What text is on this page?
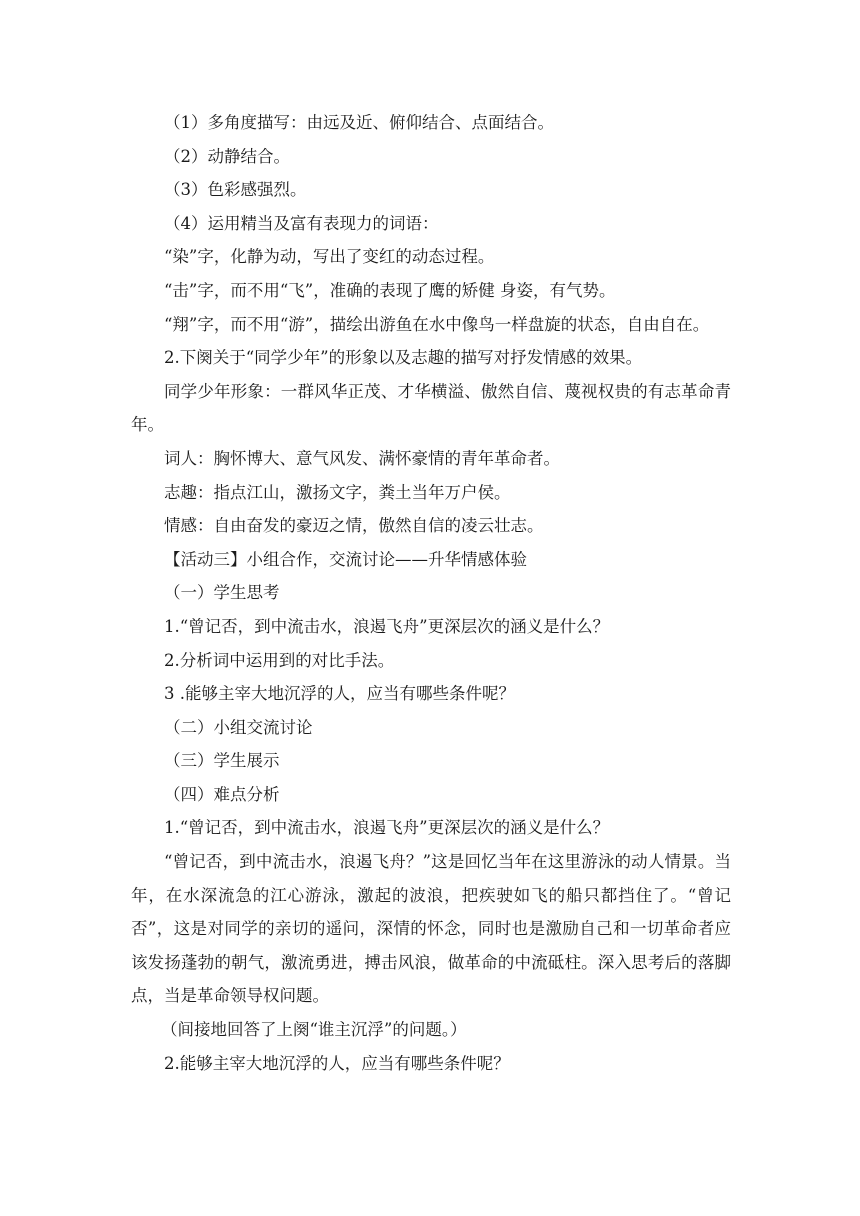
（1）多角度描写：由远及近、俯仰结合、点面结合。

（2）动静结合。

（3）色彩感强烈。

（4）运用精当及富有表现力的词语：

“染”字，化静为动，写出了变红的动态过程。

“击”字，而不用“飞”，准确的表现了鹰的矫健 身姿，有气势。

“翔”字，而不用“游”，描绘出游鱼在水中像鸟一样盘旋的状态，自由自在。

2.下阕关于“同学少年”的形象以及志趣的描写对抒发情感的效果。

同学少年形象：一群风华正茂、才华横溢、傲然自信、蔑视权贵的有志革命青年。

词人：胸怀博大、意气风发、满怀豪情的青年革命者。

志趣：指点江山，激扬文字，粪土当年万户侯。

情感：自由奋发的豪迈之情，傲然自信的凌云壮志。

【活动三】小组合作，交流讨论——升华情感体验

（一）学生思考

1.“曾记否，到中流击水，浪遏飞舟”更深层次的涵义是什么？

2.分析词中运用到的对比手法。

3 .能够主宰大地沉浮的人，应当有哪些条件呢？

（二）小组交流讨论

（三）学生展示

（四）难点分析

1.“曾记否，到中流击水，浪遏飞舟”更深层次的涵义是什么？

“曾记否，到中流击水，浪遏飞舟？”这是回忆当年在这里游泳的动人情景。当年，在水深流急的江心游泳，激起的波浪，把疾驶如飞的船只都挡住了。“曾记否”，这是对同学的亲切的遥问，深情的怀念，同时也是激励自己和一切革命者应该发扬蓬勃的朝气，激流勇进，搏击风浪，做革命的中流砥柱。深入思考后的落脚点，当是革命领导权问题。

（间接地回答了上阕“谁主沉浮”的问题。）

2.能够主宰大地沉浮的人，应当有哪些条件呢？
